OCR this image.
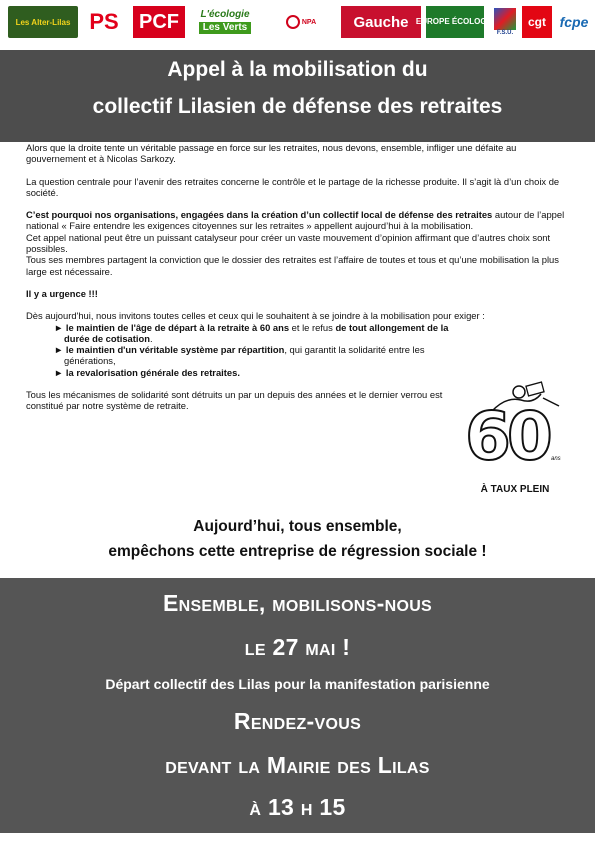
Les Alter-Lilas PS PCF L'écologie
Les Verts	NPA Gauche EUROPE ÉCOLOGIE
F.S.U.
cgt fcpe
Appel à la mobilisation du
collectif Lilasien de défense des retraites

Alors que la droite tente un véritable passage en force sur les retraites, nous devons, ensemble, infliger une défaite au gouvernement et à Nicolas Sarkozy.

La question centrale pour l’avenir des retraites concerne le contrôle et le partage de la richesse produite. Il s’agit là d’un choix de société.

C’est pourquoi nos organisations, engagées dans la création d’un collectif local de défense des retraites autour de l’appel national « Faire entendre les exigences citoyennes sur les retraites » appellent aujourd’hui à la mobilisation.

Cet appel national peut être un puissant catalyseur pour créer un vaste mouvement d’opinion affirmant que d’autres choix sont possibles.

Tous ses membres partagent la conviction que le dossier des retraites est l’affaire de toutes et tous et qu’une mobilisation la plus large est nécessaire.

Il y a urgence !!!

Dès aujourd'hui, nous invitons toutes celles et ceux qui le souhaitent à se joindre à la mobilisation pour exiger :

► le maintien de l'âge de départ à la retraite à 60 ans et le refus de tout allongement de la durée de cotisation.
► le maintien d'un véritable système par répartition, qui garantit la solidarité entre les générations,
► la revalorisation générale des retraites.

Tous les mécanismes de solidarité sont détruits un par un depuis des années et le dernier verrou est constitué par notre système de retraite.	60 ans
À TAUX PLEIN
Aujourd’hui, tous ensemble,
empêchons cette entreprise de régression sociale !
Ensemble, mobilisons-nous
le 27 mai !
Départ collectif des Lilas pour la manifestation parisienne
Rendez-vous
devant la Mairie des Lilas
à 13 h 15
